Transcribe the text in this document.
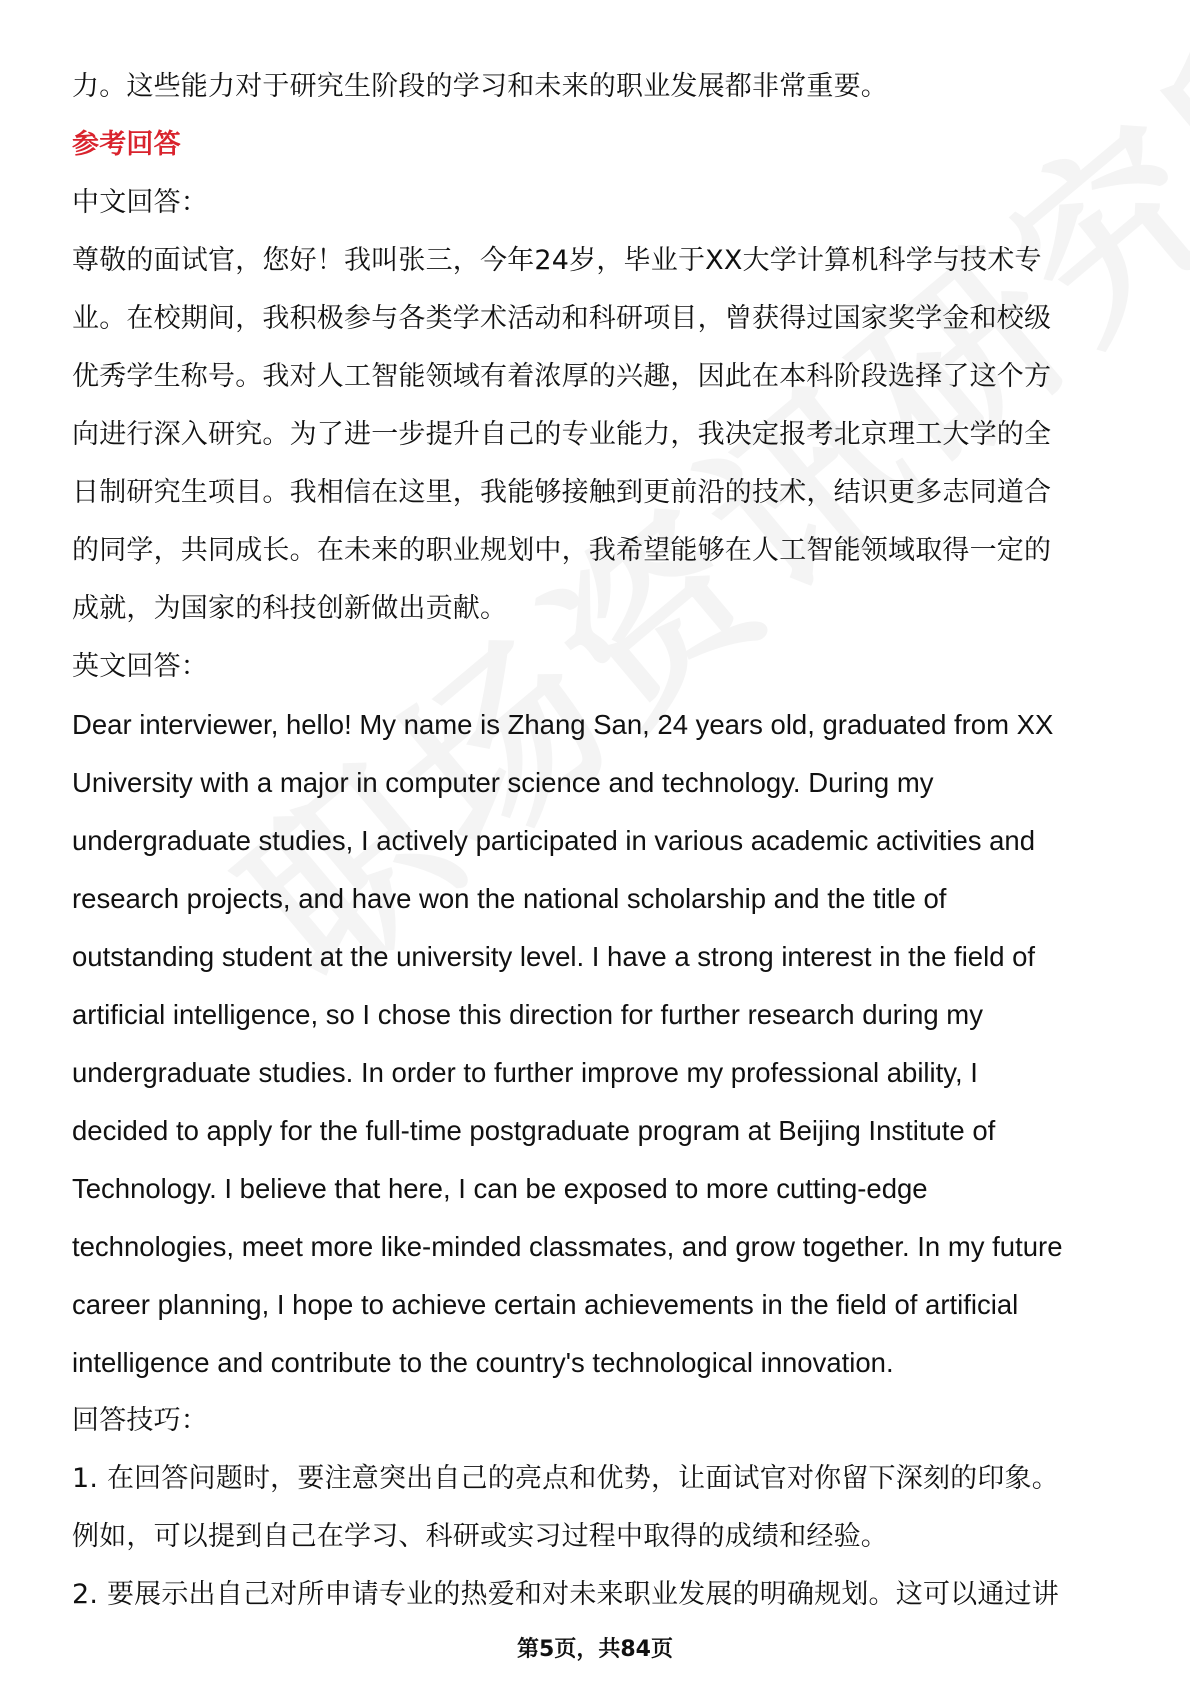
力。这些能力对于研究生阶段的学习和未来的职业发展都非常重要。

参考回答

中文回答：

尊敬的面试官，您好！我叫张三，今年24岁，毕业于XX大学计算机科学与技术专

业。在校期间，我积极参与各类学术活动和科研项目，曾获得过国家奖学金和校级

优秀学生称号。我对人工智能领域有着浓厚的兴趣，因此在本科阶段选择了这个方

向进行深入研究。为了进一步提升自己的专业能力，我决定报考北京理工大学的全

日制研究生项目。我相信在这里，我能够接触到更前沿的技术，结识更多志同道合

的同学，共同成长。在未来的职业规划中，我希望能够在人工智能领域取得一定的

成就，为国家的科技创新做出贡献。

英文回答：

Dear interviewer, hello! My name is Zhang San, 24 years old, graduated from XX

University with a major in computer science and technology. During my

undergraduate studies, I actively participated in various academic activities and

research projects, and have won the national scholarship and the title of

outstanding student at the university level. I have a strong interest in the field of

artificial intelligence, so I chose this direction for further research during my

undergraduate studies. In order to further improve my professional ability, I

decided to apply for the full-time postgraduate program at Beijing Institute of

Technology. I believe that here, I can be exposed to more cutting-edge

technologies, meet more like-minded classmates, and grow together. In my future

career planning, I hope to achieve certain achievements in the field of artificial

intelligence and contribute to the country's technological innovation.

回答技巧：

1. 在回答问题时，要注意突出自己的亮点和优势，让面试官对你留下深刻的印象。

例如，可以提到自己在学习、科研或实习过程中取得的成绩和经验。

2. 要展示出自己对所申请专业的热爱和对未来职业发展的明确规划。这可以通过讲

第5页，共84页
